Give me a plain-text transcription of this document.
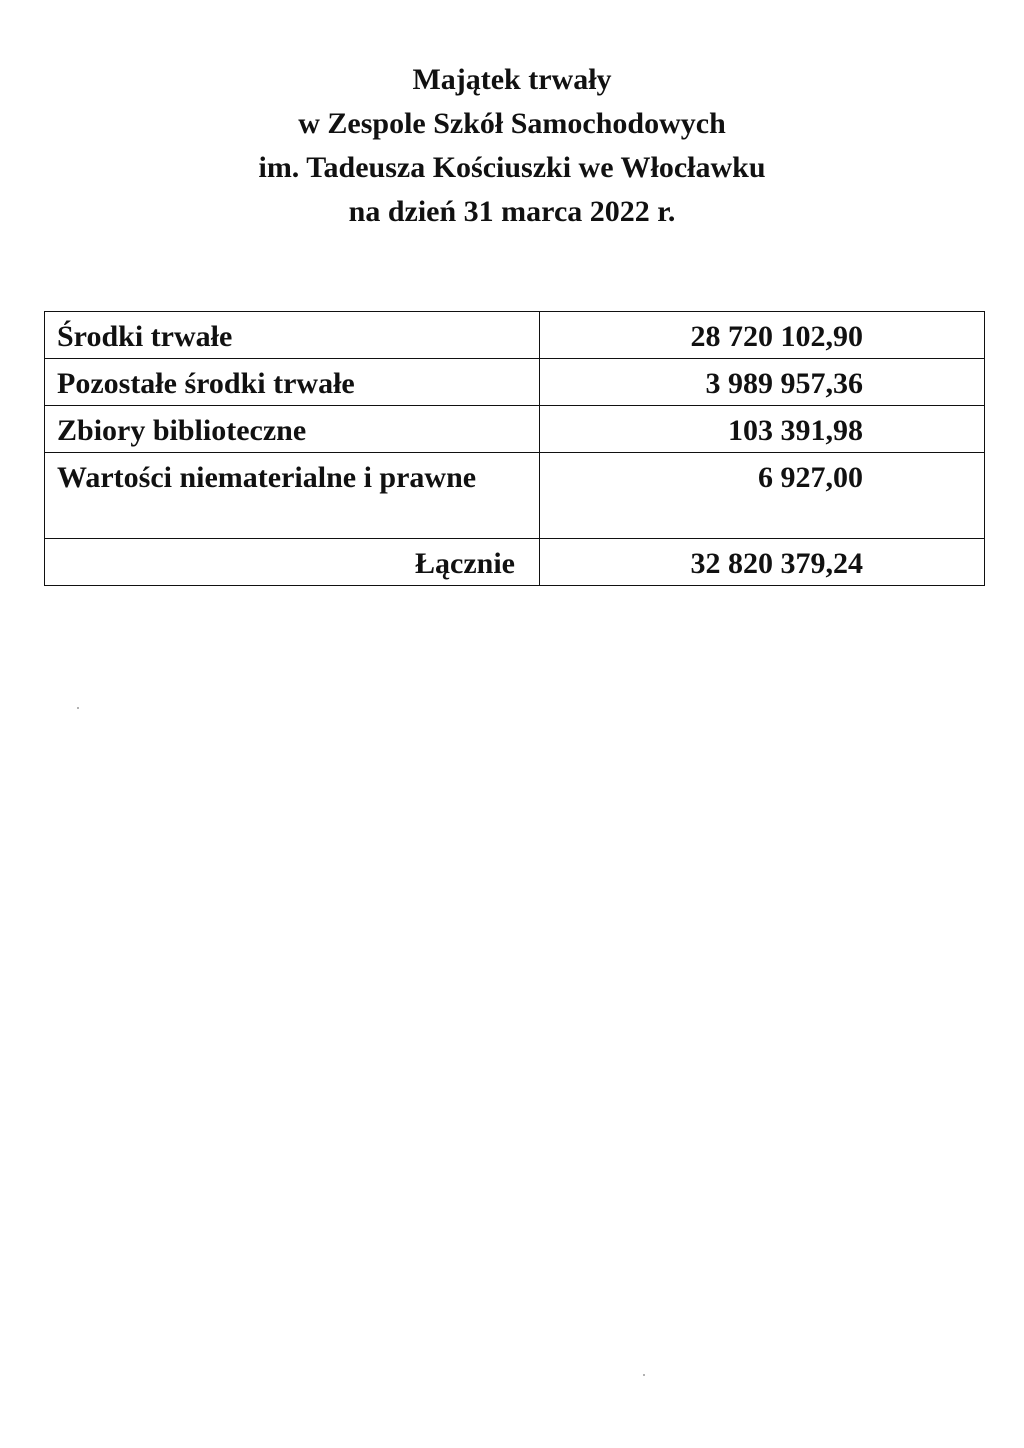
Majątek trwały
w Zespole Szkół Samochodowych
im. Tadeusza Kościuszki we Włocławku
na dzień 31 marca 2022 r.
Środki trwałe	28 720 102,90
Pozostałe środki trwałe	3 989 957,36
Zbiory biblioteczne	103 391,98
Wartości niematerialne i prawne	6 927,00
Łącznie	32 820 379,24
